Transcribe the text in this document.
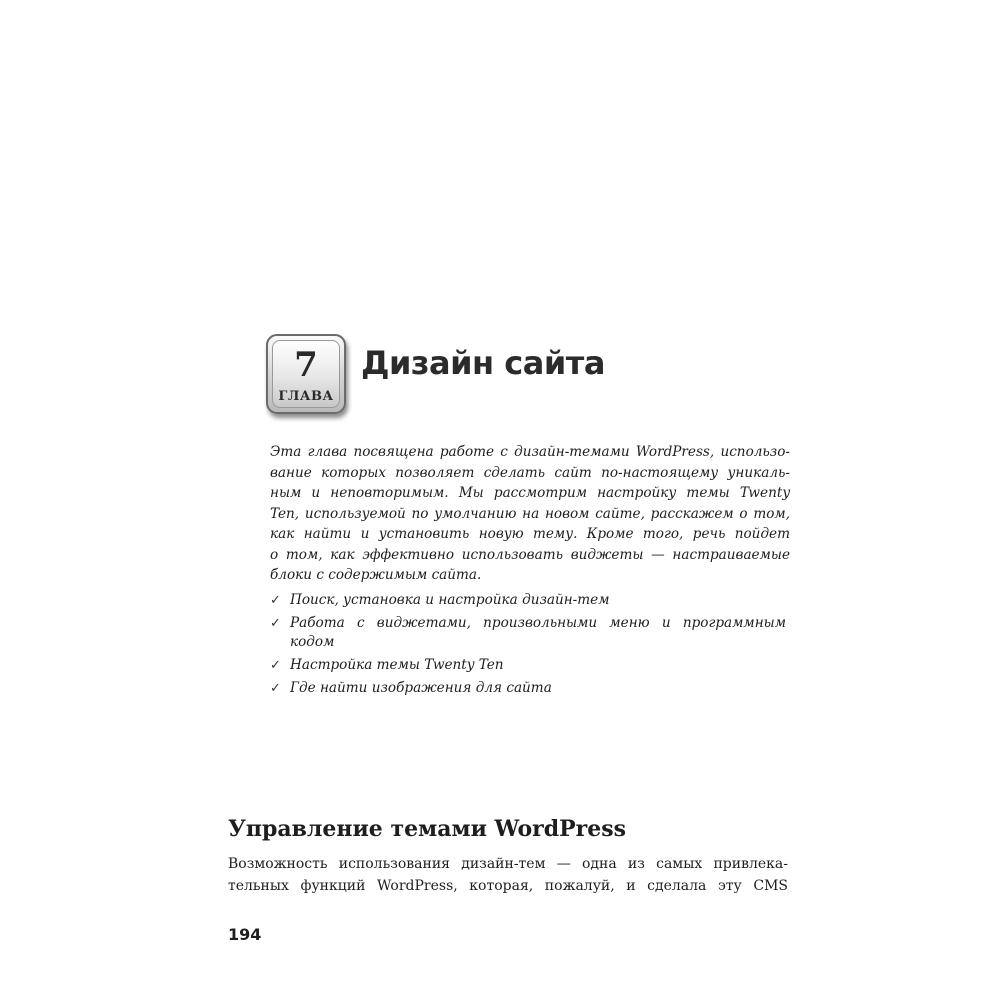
7
ГЛАВА
Дизайн сайта
Эта глава посвящена работе с дизайн-темами WordPress, использо-
вание которых позволяет сделать сайт по-настоящему уникаль-
ным и неповторимым. Мы рассмотрим настройку темы Twenty
Ten, используемой по умолчанию на новом сайте, расскажем о том,
как найти и установить новую тему. Кроме того, речь пойдет
о том, как эффективно использовать виджеты — настраиваемые
блоки с содержимым сайта.
✓ Поиск, установка и настройка дизайн-тем
✓ Работа с виджетами, произвольными меню и программным
кодом
✓ Настройка темы Twenty Ten
✓ Где найти изображения для сайта
Управление темами WordPress
Возможность использования дизайн-тем — одна из самых привлека-
тельных функций WordPress, которая, пожалуй, и сделала эту CMS
194
